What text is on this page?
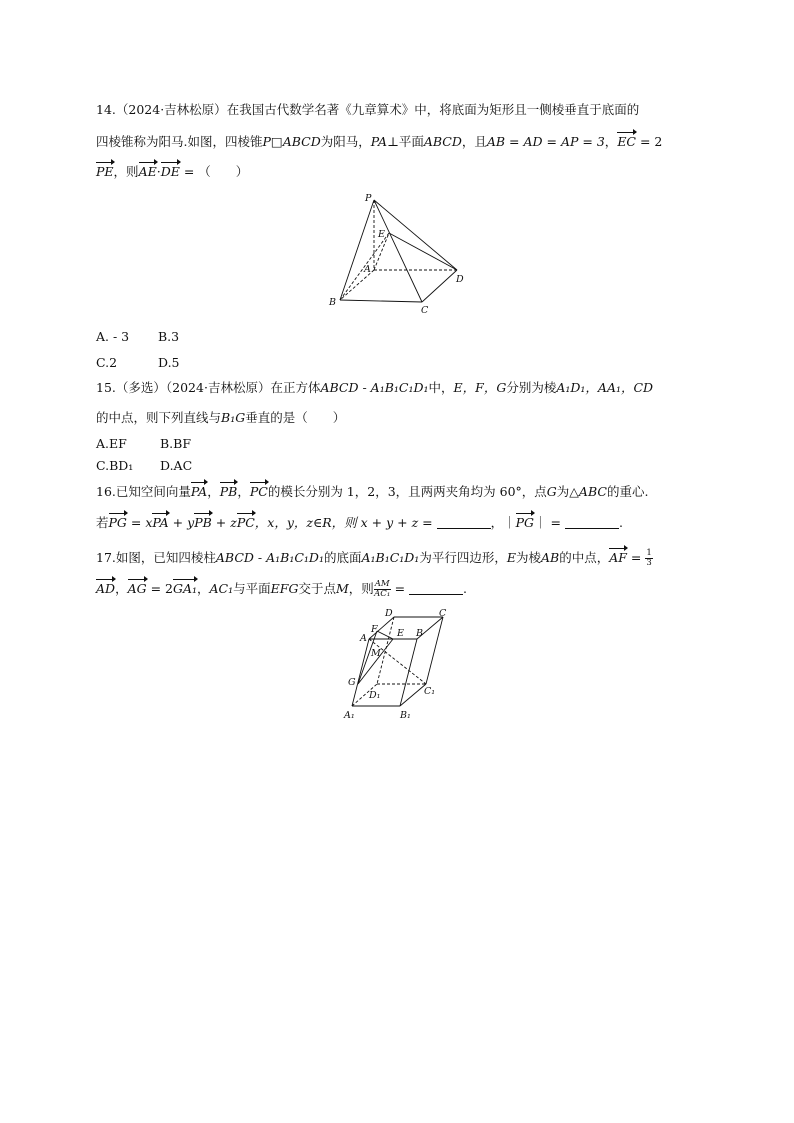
14.（2024·吉林松原）在我国古代数学名著《九章算术》中，将底面为矩形且一侧棱垂直于底面的
四棱锥称为阳马.如图，四棱锥P□ABCD为阳马，PA⊥平面ABCD，且AB = AD = AP = 3，EC = 2
PE，则AE·DE = （　　）
P
E
A
D
B
C
A. - 3 B.3
C.2	D.5
15.（多选）（2024·吉林松原）在正方体ABCD - A₁B₁C₁D₁中，E，F，G分别为棱A₁D₁，AA₁，CD
的中点，则下列直线与B₁G垂直的是（　　）
A.EF	B.BF
C.BD₁ D.AC
16.已知空间向量PA，PB，PC的模长分别为 1，2，3，且两两夹角均为 60°，点G为△ABC的重心.
若PG = xPA + yPB + zPC，x，y，z∈R，则 x + y + z =	，｜PG｜ =	.
17.如图，已知四棱柱ABCD - A₁B₁C₁D₁的底面A₁B₁C₁D₁为平行四边形，E为棱AB的中点，AF = $\frac{1}{3}$
AD，AG = 2GA₁，AC₁与平面EFG交于点M，则 $\frac{AM}{\text{AC₁}}$ =	.
D	C
A
F E B
M
G
D₁	C₁
A₁	B₁
